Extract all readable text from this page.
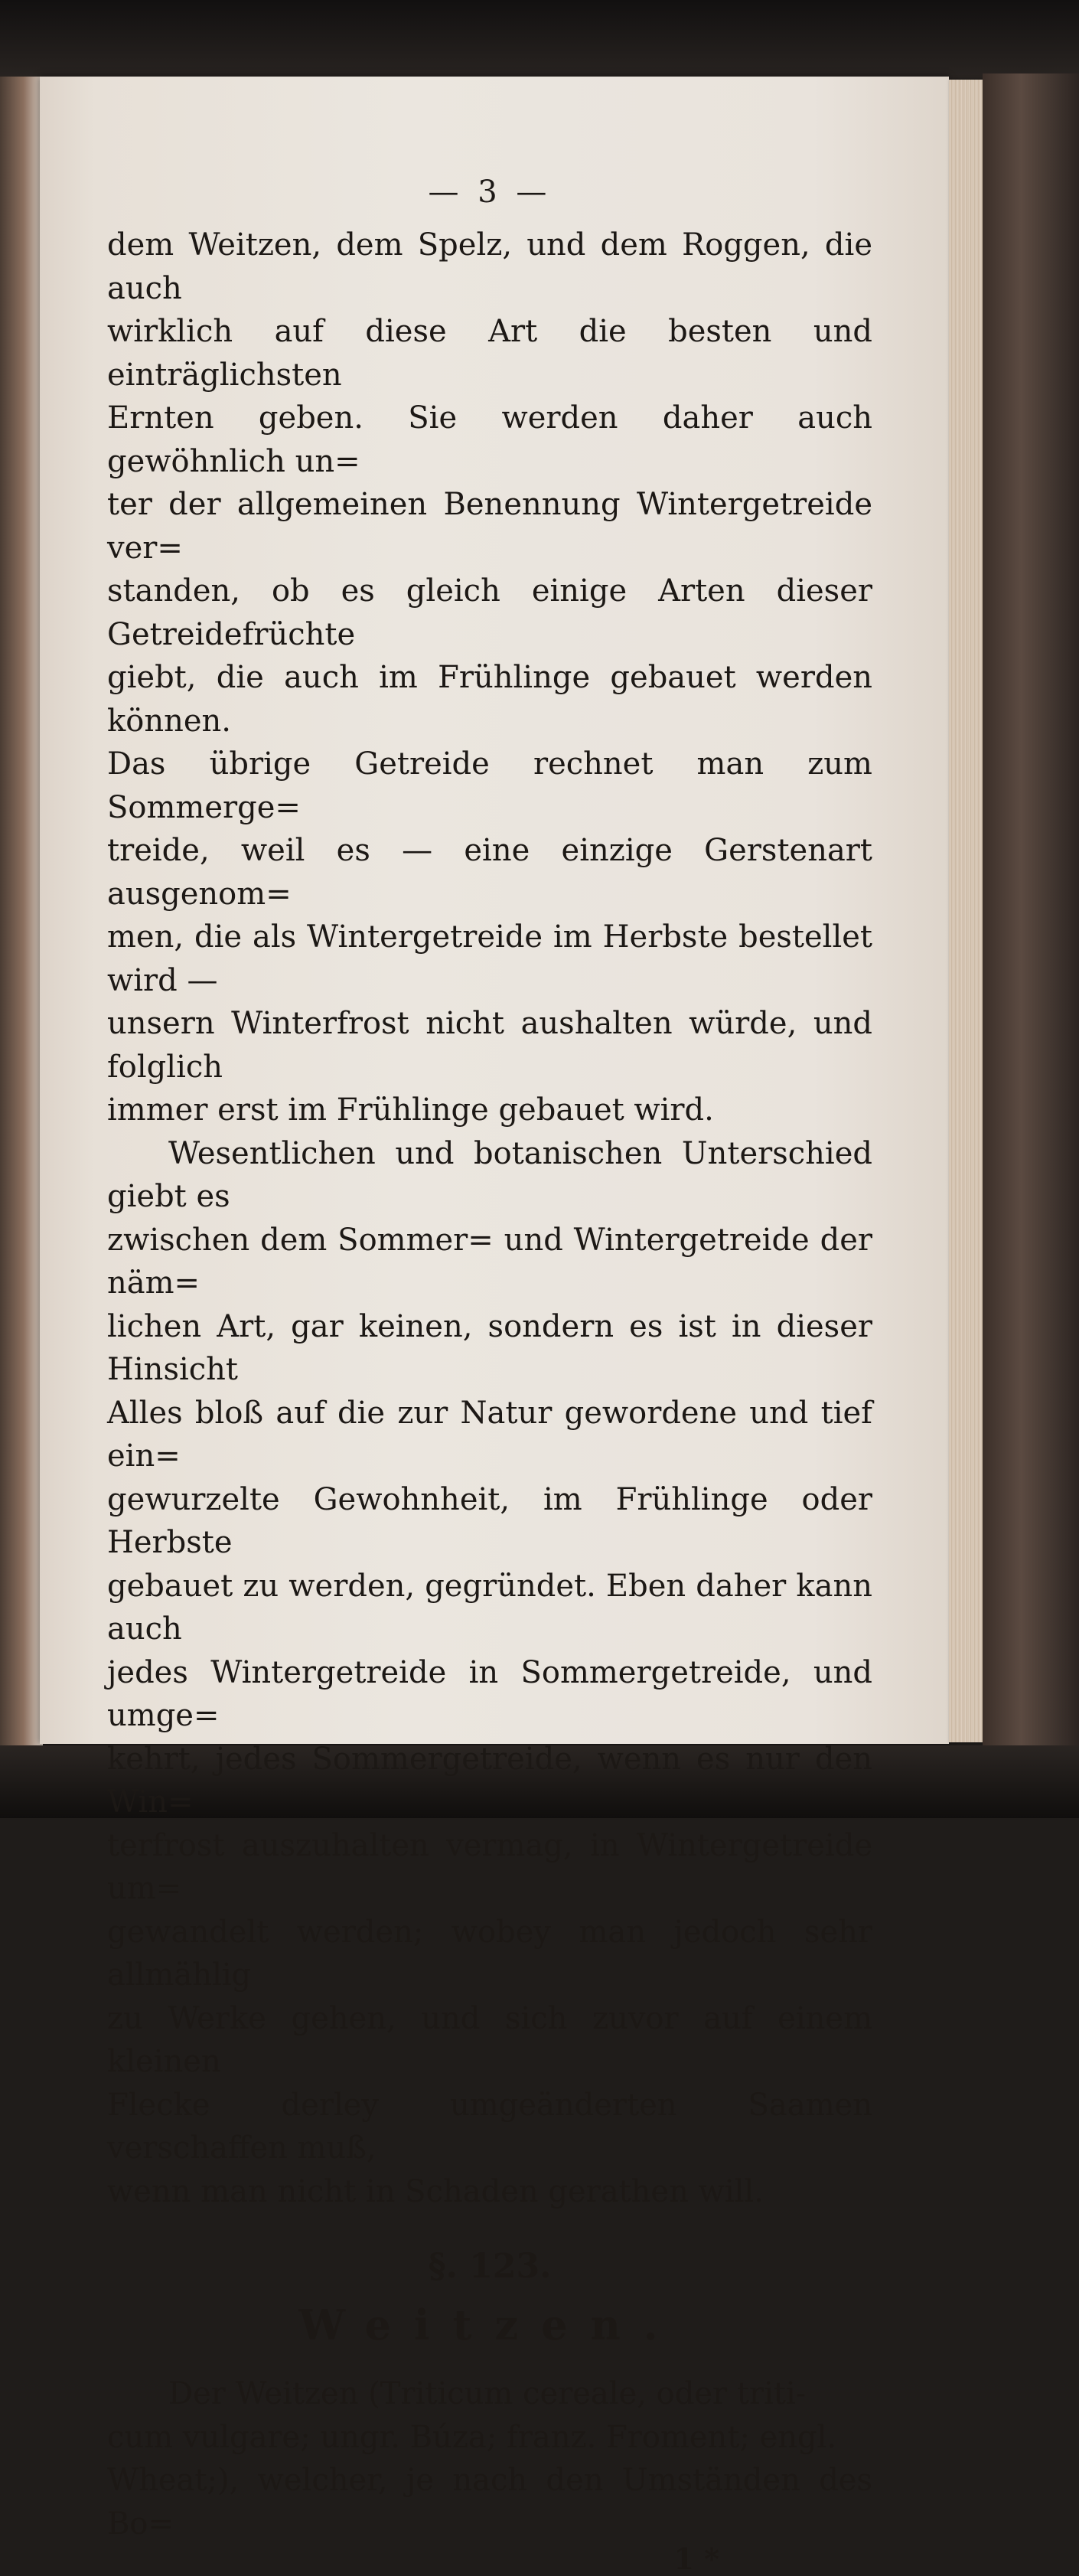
— 3 —
dem Weitzen, dem Spelz, und dem Roggen, die auch
wirklich auf diese Art die besten und einträglichsten
Ernten geben. Sie werden daher auch gewöhnlich un=
ter der allgemeinen Benennung Wintergetreide ver=
standen, ob es gleich einige Arten dieser Getreidefrüchte
giebt, die auch im Frühlinge gebauet werden können.
Das übrige Getreide rechnet man zum Sommerge=
treide, weil es — eine einzige Gerstenart ausgenom=
men, die als Wintergetreide im Herbste bestellet wird —
unsern Winterfrost nicht aushalten würde, und folglich
immer erst im Frühlinge gebauet wird.
Wesentlichen und botanischen Unterschied giebt es
zwischen dem Sommer= und Wintergetreide der näm=
lichen Art, gar keinen, sondern es ist in dieser Hinsicht
Alles bloß auf die zur Natur gewordene und tief ein=
gewurzelte Gewohnheit, im Frühlinge oder Herbste
gebauet zu werden, gegründet. Eben daher kann auch
jedes Wintergetreide in Sommergetreide, und umge=
kehrt, jedes Sommergetreide, wenn es nur den Win=
terfrost auszuhalten vermag, in Wintergetreide um=
gewandelt werden; wobey man jedoch sehr allmählig
zu Werke gehen, und sich zuvor auf einem kleinen
Flecke derley umgeänderten Saamen verschaffen muß,
wenn man nicht in Schaden gerathen will.
§. 123.
Weitzen.
Der Weitzen (Triticum cereale, oder triti-
cum vulgare; ungr. Búza; franz. Froment; engl.
Wheat;), welcher, je nach den Umständen des Bo=
1 *
